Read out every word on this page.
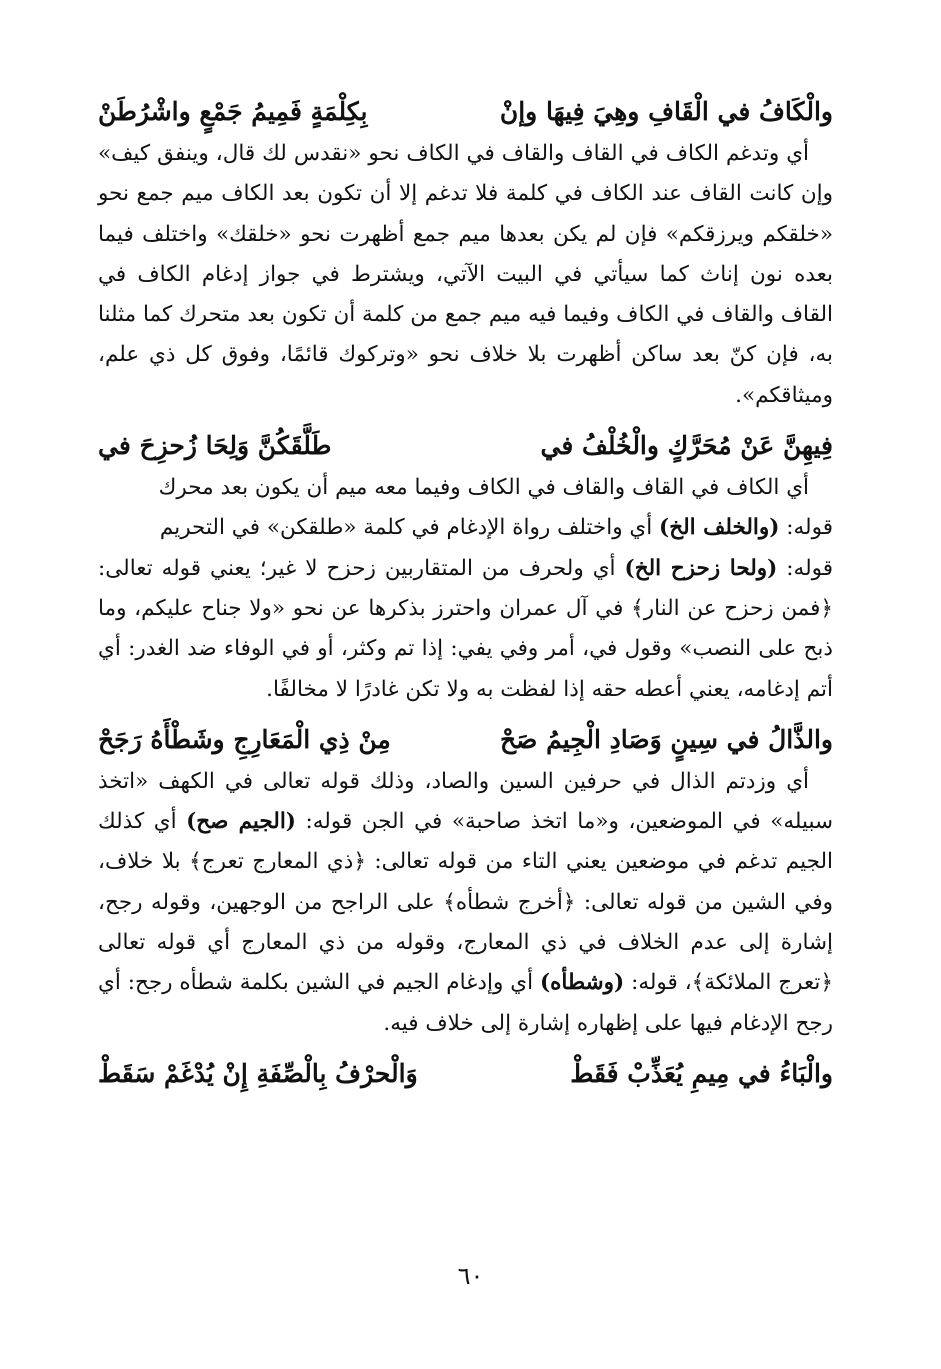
والْكَافُ في الْقَافِ وهِيَ فِيهَا وإنْ
بِكِلْمَةٍ فَمِيمُ جَمْعٍ واشْرُطَنْ

أي وتدغم الكاف في القاف والقاف في الكاف نحو «نقدس لك قال، وينفق كيف» وإن كانت القاف عند الكاف في كلمة فلا تدغم إلا أن تكون بعد الكاف ميم جمع نحو «خلقكم ويرزقكم» فإن لم يكن بعدها ميم جمع أظهرت نحو «خلقك» واختلف فيما بعده نون إناث كما سيأتي في البيت الآتي، ويشترط في جواز إدغام الكاف في القاف والقاف في الكاف وفيما فيه ميم جمع من كلمة أن تكون بعد متحرك كما مثلنا به، فإن كنّ بعد ساكن أظهرت بلا خلاف نحو «وتركوك قائمًا، وفوق كل ذي علم، وميثاقكم».

فِيهِنَّ عَنْ مُحَرَّكٍ والْخُلْفُ في
طَلَّقَكُنَّ وَلِحَا زُحزِحَ في

أي الكاف في القاف والقاف في الكاف وفيما معه ميم أن يكون بعد محرك
قوله: (والخلف الخ) أي واختلف رواة الإدغام في كلمة «طلقكن» في التحريم
قوله: (ولحا زحزح الخ) أي ولحرف من المتقاربين زحزح لا غير؛ يعني قوله تعالى: ﴿فمن زحزح عن النار﴾ في آل عمران واحترز بذكرها عن نحو «ولا جناح عليكم، وما ذبح على النصب» وقول في، أمر وفي يفي: إذا تم وكثر، أو في الوفاء ضد الغدر: أي أتم إدغامه، يعني أعطه حقه إذا لفظت به ولا تكن غادرًا لا مخالفًا.

والذَّالُ في سِينٍ وَصَادِ الْجِيمُ صَحْ
مِنْ ذِي الْمَعَارِجِ وشَطْأَهُ رَجَحْ

أي وزدتم الذال في حرفين السين والصاد، وذلك قوله تعالى في الكهف «اتخذ سبيله» في الموضعين، و«ما اتخذ صاحبة» في الجن قوله: (الجيم صح) أي كذلك الجيم تدغم في موضعين يعني التاء من قوله تعالى: ﴿ذي المعارج تعرج﴾ بلا خلاف، وفي الشين من قوله تعالى: ﴿أخرج شطأه﴾ على الراجح من الوجهين، وقوله رجح، إشارة إلى عدم الخلاف في ذي المعارج، وقوله من ذي المعارج أي قوله تعالى ﴿تعرج الملائكة﴾، قوله: (وشطأه) أي وإدغام الجيم في الشين بكلمة شطأه رجح: أي رجح الإدغام فيها على إظهاره إشارة إلى خلاف فيه.

والْبَاءُ في مِيمِ يُعَذِّبْ فَقَطْ
وَالْحرْفُ بِالْصِّفَةِ إِنْ يُدْغَمْ سَقَطْ
٦٠
